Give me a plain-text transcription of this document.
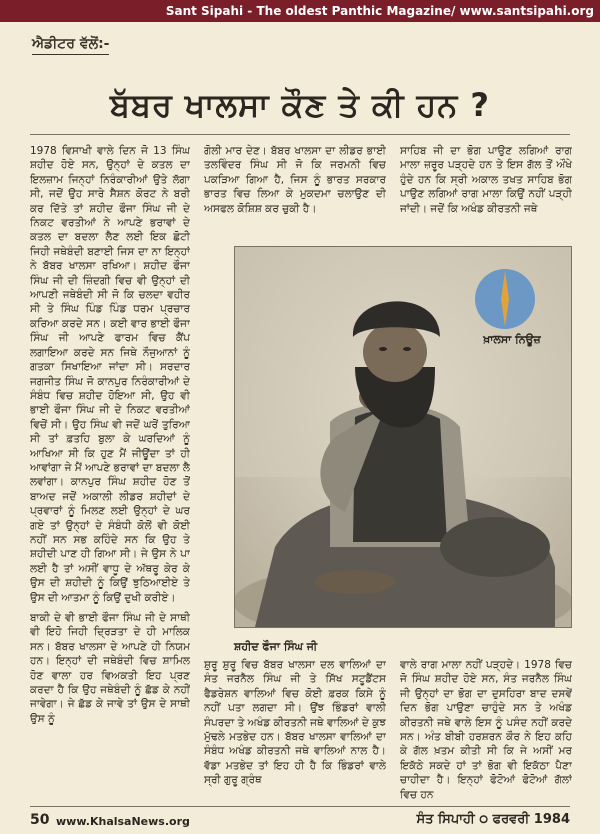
Sant Sipahi - The oldest Panthic Magazine/ www.santsipahi.org
ਐਡੀਟਰ ਵੱਲੋਂ:-
ਬੱਬਰ ਖਾਲਸਾ ਕੌਣ ਤੇ ਕੀ ਹਨ ?

1978 ਵਿਸਾਖੀ ਵਾਲੇ ਦਿਨ ਜੋ 13 ਸਿੰਘ ਸ਼ਹੀਦ ਹੋਏ ਸਨ, ਉਨ੍ਹਾਂ ਦੇ ਕਤਲ ਦਾ ਇਲਜ਼ਾਮ ਜਿਨ੍ਹਾਂ ਨਿਰੰਕਾਰੀਆਂ ਉਤੇ ਲੱਗਾ ਸੀ, ਜਦੋਂ ਉਹ ਸਾਰੇ ਸੈਸ਼ਨ ਕੋਰਟ ਨੇ ਬਰੀ ਕਰ ਦਿੱਤੇ ਤਾਂ ਸ਼ਹੀਦ ਫੌਜਾ ਸਿੰਘ ਜੀ ਦੇ ਨਿਕਟ ਵਰਤੀਆਂ ਨੇ ਆਪਣੇ ਭਰਾਵਾਂ ਦੇ ਕਤਲ ਦਾ ਬਦਲਾ ਲੈਣ ਲਈ ਇਕ ਛੋਟੀ ਜਿਹੀ ਜਥੇਬੰਦੀ ਬਣਾਈ ਜਿਸ ਦਾ ਨਾ ਇਨ੍ਹਾਂ ਨੇ ਬੱਬਰ ਖਾਲਸਾ ਰਖਿਆ। ਸ਼ਹੀਦ ਫੌਜਾ ਸਿੰਘ ਜੀ ਦੀ ਜ਼ਿੰਦਗੀ ਵਿਚ ਵੀ ਉਨ੍ਹਾਂ ਦੀ ਆਪਣੀ ਜਥੇਬੰਦੀ ਸੀ ਜੋ ਕਿ ਚਲਦਾ ਵਹੀਰ ਸੀ ਤੇ ਸਿੰਘ ਪਿੰਡ ਪਿੰਡ ਧਰਮ ਪ੍ਰਚਾਰ ਕਰਿਆ ਕਰਦੇ ਸਨ। ਕਈ ਵਾਰ ਭਾਈ ਫੌਜਾ ਸਿੰਘ ਜੀ ਆਪਣੇ ਫਾਰਮ ਵਿਚ ਕੈਂਪ ਲਗਾਇਆ ਕਰਦੇ ਸਨ ਜਿਥੇ ਨੌਜੁਆਨਾਂ ਨੂੰ ਗਤਕਾ ਸਿਖਾਇਆ ਜਾਂਦਾ ਸੀ। ਸਰਦਾਰ ਜਗਜੀਤ ਸਿੰਘ ਜੋ ਕਾਨਪੁਰ ਨਿਰੰਕਾਰੀਆਂ ਦੇ ਸੰਬੰਧ ਵਿਚ ਸ਼ਹੀਦ ਹੋਇਆ ਸੀ, ਉਹ ਵੀ ਭਾਈ ਫੌਜਾ ਸਿੰਘ ਜੀ ਦੇ ਨਿਕਟ ਵਰਤੀਆਂ ਵਿਚੋਂ ਸੀ। ਉਹ ਸਿੰਘ ਵੀ ਜਦੋਂ ਘਰੋਂ ਤੁਰਿਆ ਸੀ ਤਾਂ ਫ਼ਤਹਿ ਬੁਲਾ ਕੇ ਘਰਦਿਆਂ ਨੂੰ ਆਖਿਆ ਸੀ ਕਿ ਹੁਣ ਮੈਂ ਜੀਊਂਦਾ ਤਾਂ ਹੀ ਆਵਾਂਗਾ ਜੇ ਮੈਂ ਆਪਣੇ ਭਰਾਵਾਂ ਦਾ ਬਦਲਾ ਲੈ ਲਵਾਂਗਾ। ਕਾਨਪੁਰ ਸਿੰਘ ਸ਼ਹੀਦ ਹੋਣ ਤੋਂ ਬਾਅਦ ਜਦੋਂ ਅਕਾਲੀ ਲੀਡਰ ਸ਼ਹੀਦਾਂ ਦੇ ਪ੍ਰਵਾਰਾਂ ਨੂੰ ਮਿਲਣ ਲਈ ਉਨ੍ਹਾਂ ਦੇ ਘਰ ਗਏ ਤਾਂ ਉਨ੍ਹਾਂ ਦੇ ਸੰਬੰਧੀ ਕੋਲੋਂ ਵੀ ਕੋਈ ਨਹੀਂ ਸਨ ਸਭ ਕਹਿੰਦੇ ਸਨ ਕਿ ਉਹ ਤੇ ਸ਼ਹੀਦੀ ਪਾਣ ਹੀ ਗਿਆ ਸੀ। ਜੇ ਉਸ ਨੇ ਪਾ ਲਈ ਹੈ ਤਾਂ ਅਸੀਂ ਵਾਧੂ ਦੇ ਅੱਥਰੂ ਕੇਰ ਕੇ ਉਸ ਦੀ ਸ਼ਹੀਦੀ ਨੂੰ ਕਿਉਂ ਝੁਠਿਆਈਏ ਤੇ ਉਸ ਦੀ ਆਤਮਾ ਨੂੰ ਕਿਉਂ ਦੁਖੀ ਕਰੀਏ।

ਬਾਕੀ ਦੇ ਵੀ ਭਾਈ ਫੌਜਾ ਸਿੰਘ ਜੀ ਦੇ ਸਾਥੀ ਵੀ ਇਹੋ ਜਿਹੀ ਦ੍ਰਿੜਤਾ ਦੇ ਹੀ ਮਾਲਿਕ ਸਨ। ਬੱਬਰ ਖਾਲਸਾ ਦੇ ਆਪਣੇ ਹੀ ਨਿਯਮ ਹਨ। ਇਨ੍ਹਾਂ ਦੀ ਜਥੇਬੰਦੀ ਵਿਚ ਸ਼ਾਮਿਲ ਹੋਣ ਵਾਲਾ ਹਰ ਵਿਅਕਤੀ ਇਹ ਪ੍ਰਣ ਕਰਦਾ ਹੈ ਕਿ ਉਹ ਜਥੇਬੰਦੀ ਨੂੰ ਛੱਡ ਕੇ ਨਹੀਂ ਜਾਵੇਗਾ। ਜੇ ਛੱਡ ਕੇ ਜਾਵੇ ਤਾਂ ਉਸ ਦੇ ਸਾਥੀ ਉਸ ਨੂੰ

ਗੋਲੀ ਮਾਰ ਦੇਣ। ਬੱਬਰ ਖਾਲਸਾ ਦਾ ਲੀਡਰ ਭਾਈ ਤਲਵਿੰਦਰ ਸਿੰਘ ਸੀ ਜੋ ਕਿ ਜਰਮਨੀ ਵਿਚ ਪਕੜਿਆ ਗਿਆ ਹੈ, ਜਿਸ ਨੂੰ ਭਾਰਤ ਸਰਕਾਰ ਭਾਰਤ ਵਿਚ ਲਿਆ ਕੇ ਮੁਕਦਮਾ ਚਲਾਉਣ ਦੀ ਅਸਫਲ ਕੋਸ਼ਿਸ਼ ਕਰ ਚੁਕੀ ਹੈ।

ਸਾਹਿਬ ਜੀ ਦਾ ਭੋਗ ਪਾਉਣ ਲਗਿਆਂ ਰਾਗ ਮਾਲਾ ਜ਼ਰੂਰ ਪੜ੍ਹਦੇ ਹਨ ਤੇ ਇਸ ਗੱਲ ਤੋਂ ਔਖੇ ਹੁੰਦੇ ਹਨ ਕਿ ਸ੍ਰੀ ਅਕਾਲ ਤਖਤ ਸਾਹਿਬ ਭੋਗ ਪਾਉਣ ਲਗਿਆਂ ਰਾਗ ਮਾਲਾ ਕਿਉਂ ਨਹੀਂ ਪੜ੍ਹੀ ਜਾਂਦੀ। ਜਦੋਂ ਕਿ ਅਖੰਡ ਕੀਰਤਨੀ ਜਥੇ

ਖ਼ਾਲਸਾ ਨਿਊਜ਼
ਸ਼ਹੀਦ ਫੌਜਾ ਸਿੰਘ ਜੀ

ਸ਼ੁਰੂ ਸ਼ੁਰੂ ਵਿਚ ਬੱਬਰ ਖਾਲਸਾ ਦਲ ਵਾਲਿਆਂ ਦਾ ਸੰਤ ਜਰਨੈਲ ਸਿੰਘ ਜੀ ਤੇ ਸਿੱਖ ਸਟੂਡੈਂਟਸ ਫੈਡਰੇਸ਼ਨ ਵਾਲਿਆਂ ਵਿਚ ਕੋਈ ਫ਼ਰਕ ਕਿਸੇ ਨੂੰ ਨਹੀਂ ਪਤਾ ਲਗਦਾ ਸੀ। ਉਂਝ ਭਿੰਡਰਾਂ ਵਾਲੀ ਸੰਪਰਦਾ ਤੇ ਅਖੰਡ ਕੀਰਤਨੀ ਜਥੇ ਵਾਲਿਆਂ ਦੇ ਕੁਝ ਮੁੱਢਲੇ ਮਤਭੇਦ ਹਨ। ਬੱਬਰ ਖਾਲਸਾ ਵਾਲਿਆਂ ਦਾ ਸੰਬੰਧ ਅਖੰਡ ਕੀਰਤਨੀ ਜਥੇ ਵਾਲਿਆਂ ਨਾਲ ਹੈ। ਵੱਡਾ ਮਤਭੇਦ ਤਾਂ ਇਹ ਹੀ ਹੈ ਕਿ ਭਿੰਡਰਾਂ ਵਾਲੇ ਸ੍ਰੀ ਗੁਰੂ ਗ੍ਰੰਥ

ਵਾਲੇ ਰਾਗ ਮਾਲਾ ਨਹੀਂ ਪੜ੍ਹਦੇ। 1978 ਵਿਚ ਜੋ ਸਿੰਘ ਸ਼ਹੀਦ ਹੋਏ ਸਨ, ਸੰਤ ਜਰਨੈਲ ਸਿੰਘ ਜੀ ਉਨ੍ਹਾਂ ਦਾ ਭੋਗ ਦਾ ਦੁਸਹਿਰਾ ਬਾਦ ਦਸਵੇਂ ਦਿਨ ਭੋਗ ਪਾਉਣਾ ਚਾਹੁੰਦੇ ਸਨ ਤੇ ਅਖੰਡ ਕੀਰਤਨੀ ਜਥੇ ਵਾਲੇ ਇਸ ਨੂੰ ਪਸੰਦ ਨਹੀਂ ਕਰਦੇ ਸਨ। ਅੰਤ ਬੀਬੀ ਹਰਸ਼ਰਨ ਕੌਰ ਨੇ ਇਹ ਕਹਿ ਕੇ ਗੱਲ ਖ਼ਤਮ ਕੀਤੀ ਸੀ ਕਿ ਜੇ ਅਸੀਂ ਮਰ ਇਕੱਠੇ ਸਕਦੇ ਹਾਂ ਤਾਂ ਭੋਗ ਵੀ ਇਕੱਠਾ ਪੈਣਾ ਚਾਹੀਦਾ ਹੈ। ਇਨ੍ਹਾਂ ਫੋਟੋਆਂ ਫੋਟੋਆਂ ਗੱਲਾਂ ਵਿਚ ਹਨ

50 www.KhalsaNews.org	ਸੰਤ ਸਿਪਾਹੀ ੦ ਫਰਵਰੀ 1984
